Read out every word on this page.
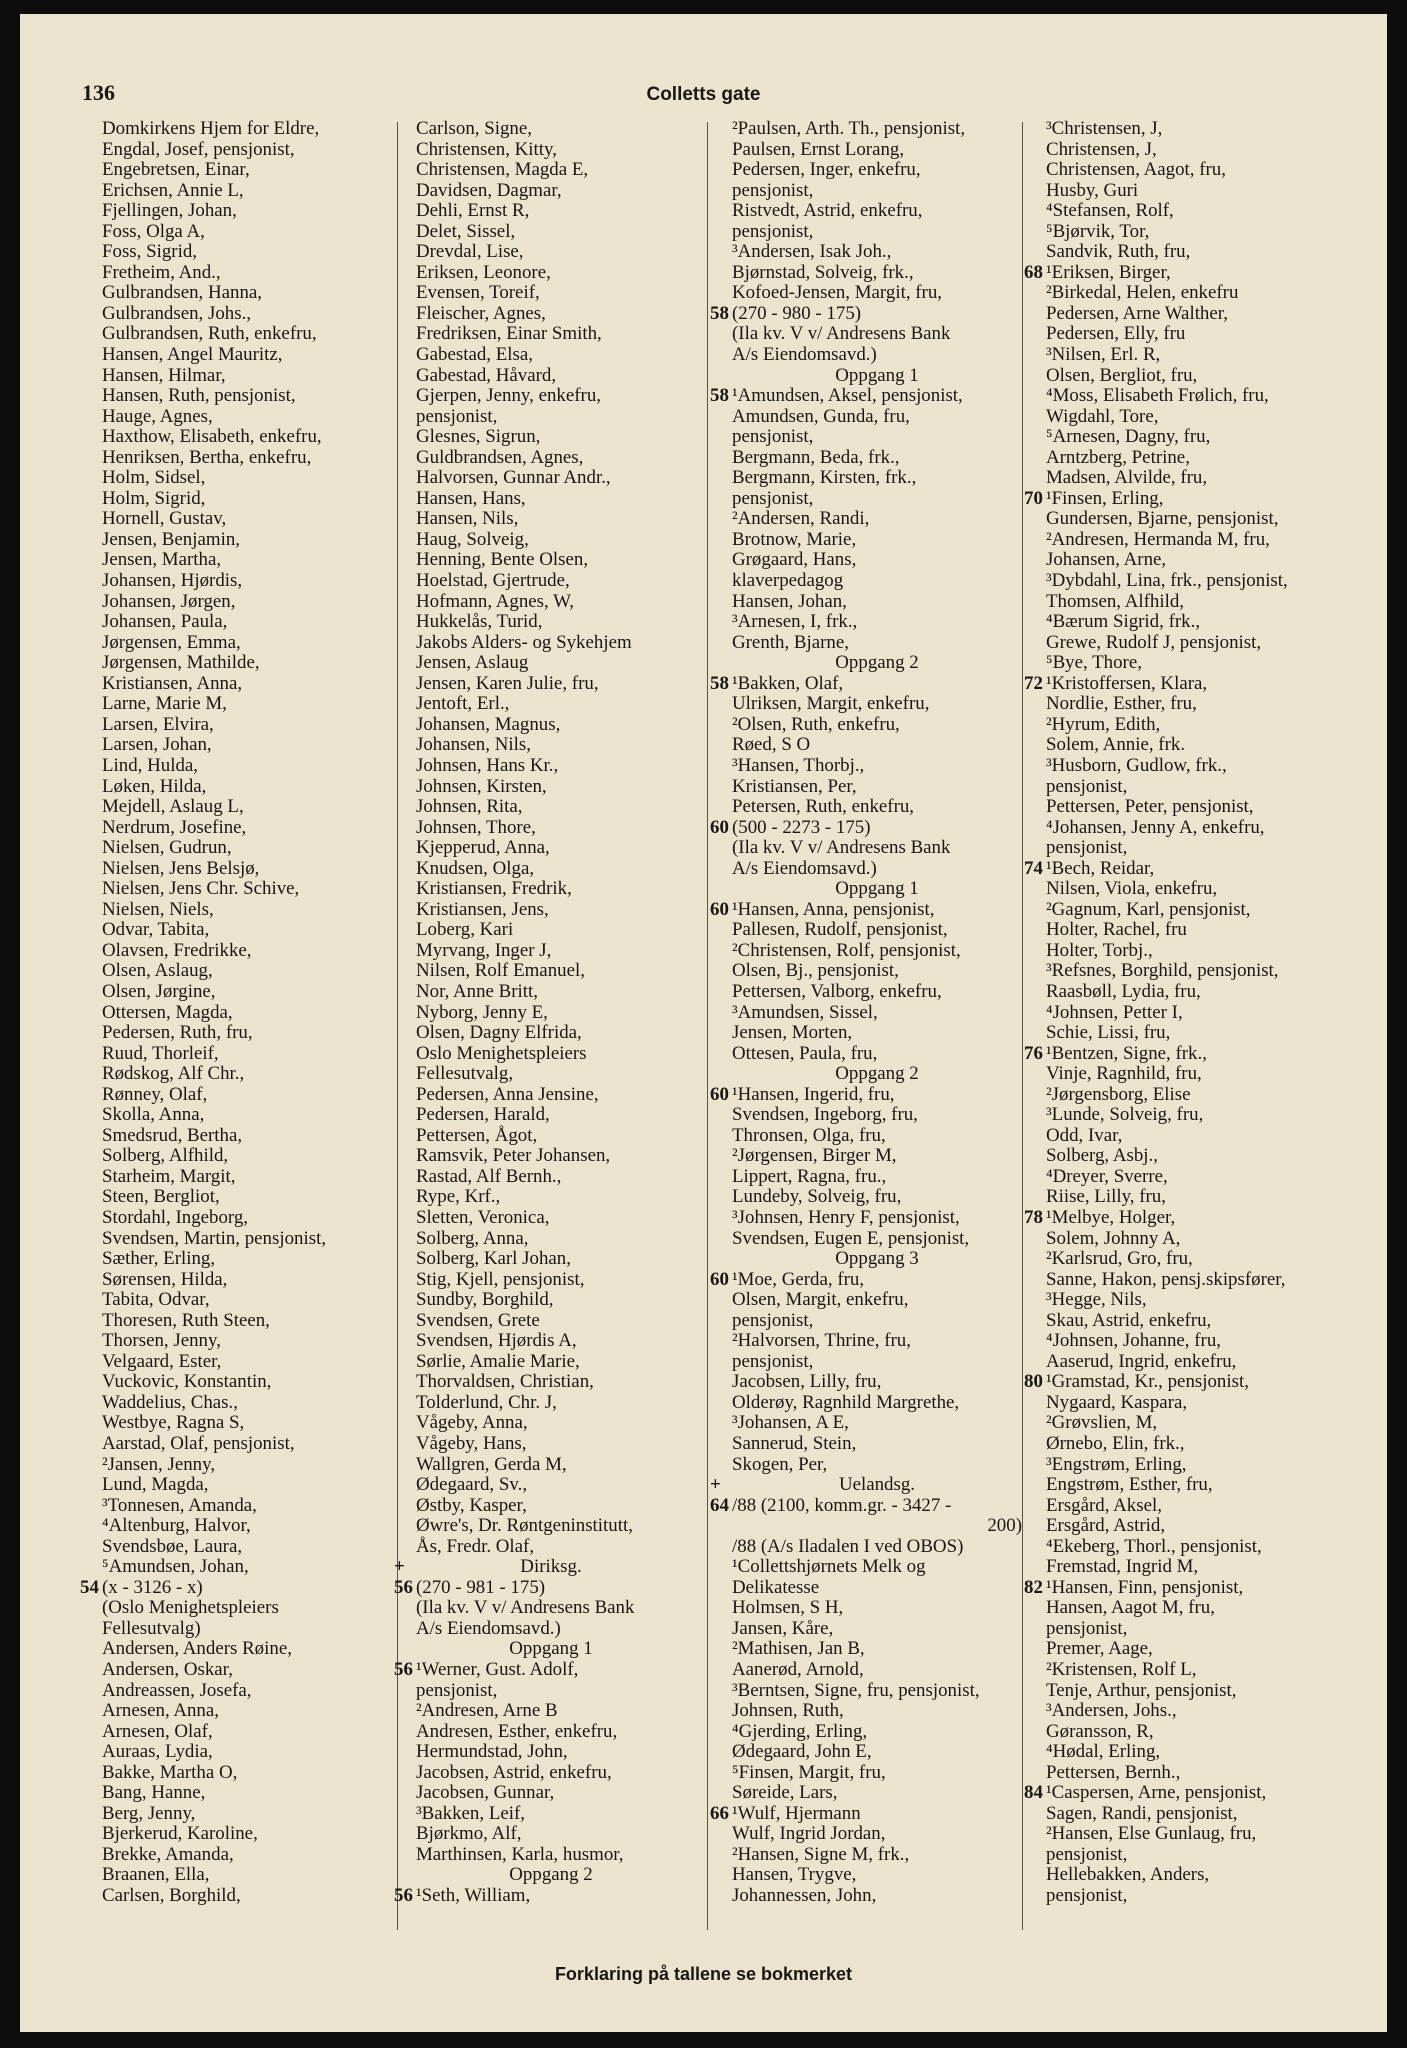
136	Colletts gate
Domkirkens Hjem for Eldre,
Engdal, Josef, pensjonist,
Engebretsen, Einar,
Erichsen, Annie L,
Fjellingen, Johan,
Foss, Olga A,
Foss, Sigrid,
Fretheim, And.,
Gulbrandsen, Hanna,
Gulbrandsen, Johs.,
Gulbrandsen, Ruth, enkefru,
Hansen, Angel Mauritz,
Hansen, Hilmar,
Hansen, Ruth, pensjonist,
Hauge, Agnes,
Haxthow, Elisabeth, enkefru,
Henriksen, Bertha, enkefru,
Holm, Sidsel,
Holm, Sigrid,
Hornell, Gustav,
Jensen, Benjamin,
Jensen, Martha,
Johansen, Hjørdis,
Johansen, Jørgen,
Johansen, Paula,
Jørgensen, Emma,
Jørgensen, Mathilde,
Kristiansen, Anna,
Larne, Marie M,
Larsen, Elvira,
Larsen, Johan,
Lind, Hulda,
Løken, Hilda,
Mejdell, Aslaug L,
Nerdrum, Josefine,
Nielsen, Gudrun,
Nielsen, Jens Belsjø,
Nielsen, Jens Chr. Schive,
Nielsen, Niels,
Odvar, Tabita,
Olavsen, Fredrikke,
Olsen, Aslaug,
Olsen, Jørgine,
Ottersen, Magda,
Pedersen, Ruth, fru,
Ruud, Thorleif,
Rødskog, Alf Chr.,
Rønney, Olaf,
Skolla, Anna,
Smedsrud, Bertha,
Solberg, Alfhild,
Starheim, Margit,
Steen, Bergliot,
Stordahl, Ingeborg,
Svendsen, Martin, pensjonist,
Sæther, Erling,
Sørensen, Hilda,
Tabita, Odvar,
Thoresen, Ruth Steen,
Thorsen, Jenny,
Velgaard, Ester,
Vuckovic, Konstantin,
Waddelius, Chas.,
Westbye, Ragna S,
Aarstad, Olaf, pensjonist,
²Jansen, Jenny,
Lund, Magda,
³Tonnesen, Amanda,
⁴Altenburg, Halvor,
Svendsbøe, Laura,
⁵Amundsen, Johan,
54 (x - 3126 - x)
(Oslo Menighetspleiers
Fellesutvalg)
Andersen, Anders Røine,
Andersen, Oskar,
Andreassen, Josefa,
Arnesen, Anna,
Arnesen, Olaf,
Auraas, Lydia,
Bakke, Martha O,
Bang, Hanne,
Berg, Jenny,
Bjerkerud, Karoline,
Brekke, Amanda,
Braanen, Ella,
Carlsen, Borghild,
Carlson, Signe,
Christensen, Kitty,
Christensen, Magda E,
Davidsen, Dagmar,
Dehli, Ernst R,
Delet, Sissel,
Drevdal, Lise,
Eriksen, Leonore,
Evensen, Toreif,
Fleischer, Agnes,
Fredriksen, Einar Smith,
Gabestad, Elsa,
Gabestad, Håvard,
Gjerpen, Jenny, enkefru,
pensjonist,
Glesnes, Sigrun,
Guldbrandsen, Agnes,
Halvorsen, Gunnar Andr.,
Hansen, Hans,
Hansen, Nils,
Haug, Solveig,
Henning, Bente Olsen,
Hoelstad, Gjertrude,
Hofmann, Agnes, W,
Hukkelås, Turid,
Jakobs Alders- og Sykehjem
Jensen, Aslaug
Jensen, Karen Julie, fru,
Jentoft, Erl.,
Johansen, Magnus,
Johansen, Nils,
Johnsen, Hans Kr.,
Johnsen, Kirsten,
Johnsen, Rita,
Johnsen, Thore,
Kjepperud, Anna,
Knudsen, Olga,
Kristiansen, Fredrik,
Kristiansen, Jens,
Loberg, Kari
Myrvang, Inger J,
Nilsen, Rolf Emanuel,
Nor, Anne Britt,
Nyborg, Jenny E,
Olsen, Dagny Elfrida,
Oslo Menighetspleiers
Fellesutvalg,
Pedersen, Anna Jensine,
Pedersen, Harald,
Pettersen, Ågot,
Ramsvik, Peter Johansen,
Rastad, Alf Bernh.,
Rype, Krf.,
Sletten, Veronica,
Solberg, Anna,
Solberg, Karl Johan,
Stig, Kjell, pensjonist,
Sundby, Borghild,
Svendsen, Grete
Svendsen, Hjørdis A,
Sørlie, Amalie Marie,
Thorvaldsen, Christian,
Tolderlund, Chr. J,
Vågeby, Anna,
Vågeby, Hans,
Wallgren, Gerda M,
Ødegaard, Sv.,
Østby, Kasper,
Øwre's, Dr. Røntgeninstitutt,
Ås, Fredr. Olaf,
+	Diriksg.
56 (270 - 981 - 175)
(Ila kv. V v/ Andresens Bank
A/s Eiendomsavd.)
Oppgang 1
56 ¹Werner, Gust. Adolf,
pensjonist,
²Andresen, Arne B
Andresen, Esther, enkefru,
Hermundstad, John,
Jacobsen, Astrid, enkefru,
Jacobsen, Gunnar,
³Bakken, Leif,
Bjørkmo, Alf,
Marthinsen, Karla, husmor,
Oppgang 2
56 ¹Seth, William,
²Paulsen, Arth. Th., pensjonist,
Paulsen, Ernst Lorang,
Pedersen, Inger, enkefru,
pensjonist,
Ristvedt, Astrid, enkefru,
pensjonist,
³Andersen, Isak Joh.,
Bjørnstad, Solveig, frk.,
Kofoed-Jensen, Margit, fru,
58 (270 - 980 - 175)
(Ila kv. V v/ Andresens Bank
A/s Eiendomsavd.)
Oppgang 1
58 ¹Amundsen, Aksel, pensjonist,
Amundsen, Gunda, fru,
pensjonist,
Bergmann, Beda, frk.,
Bergmann, Kirsten, frk.,
pensjonist,
²Andersen, Randi,
Brotnow, Marie,
Grøgaard, Hans,
klaverpedagog
Hansen, Johan,
³Arnesen, I, frk.,
Grenth, Bjarne,
Oppgang 2
58 ¹Bakken, Olaf,
Ulriksen, Margit, enkefru,
²Olsen, Ruth, enkefru,
Røed, S O
³Hansen, Thorbj.,
Kristiansen, Per,
Petersen, Ruth, enkefru,
60 (500 - 2273 - 175)
(Ila kv. V v/ Andresens Bank
A/s Eiendomsavd.)
Oppgang 1
60 ¹Hansen, Anna, pensjonist,
Pallesen, Rudolf, pensjonist,
²Christensen, Rolf, pensjonist,
Olsen, Bj., pensjonist,
Pettersen, Valborg, enkefru,
³Amundsen, Sissel,
Jensen, Morten,
Ottesen, Paula, fru,
Oppgang 2
60 ¹Hansen, Ingerid, fru,
Svendsen, Ingeborg, fru,
Thronsen, Olga, fru,
²Jørgensen, Birger M,
Lippert, Ragna, fru.,
Lundeby, Solveig, fru,
³Johnsen, Henry F, pensjonist,
Svendsen, Eugen E, pensjonist,
Oppgang 3
60 ¹Moe, Gerda, fru,
Olsen, Margit, enkefru,
pensjonist,
²Halvorsen, Thrine, fru,
pensjonist,
Jacobsen, Lilly, fru,
Olderøy, Ragnhild Margrethe,
³Johansen, A E,
Sannerud, Stein,
Skogen, Per,
+	Uelandsg.
64 /88 (2100, komm.gr. - 3427 -
200)
/88 (A/s Iladalen I ved OBOS)
¹Collettshjørnets Melk og
Delikatesse
Holmsen, S H,
Jansen, Kåre,
²Mathisen, Jan B,
Aanerød, Arnold,
³Berntsen, Signe, fru, pensjonist,
Johnsen, Ruth,
⁴Gjerding, Erling,
Ødegaard, John E,
⁵Finsen, Margit, fru,
Søreide, Lars,
66 ¹Wulf, Hjermann
Wulf, Ingrid Jordan,
²Hansen, Signe M, frk.,
Hansen, Trygve,
Johannessen, John,
³Christensen, J,
Christensen, J,
Christensen, Aagot, fru,
Husby, Guri
⁴Stefansen, Rolf,
⁵Bjørvik, Tor,
Sandvik, Ruth, fru,
68 ¹Eriksen, Birger,
²Birkedal, Helen, enkefru
Pedersen, Arne Walther,
Pedersen, Elly, fru
³Nilsen, Erl. R,
Olsen, Bergliot, fru,
⁴Moss, Elisabeth Frølich, fru,
Wigdahl, Tore,
⁵Arnesen, Dagny, fru,
Arntzberg, Petrine,
Madsen, Alvilde, fru,
70 ¹Finsen, Erling,
Gundersen, Bjarne, pensjonist,
²Andresen, Hermanda M, fru,
Johansen, Arne,
³Dybdahl, Lina, frk., pensjonist,
Thomsen, Alfhild,
⁴Bærum Sigrid, frk.,
Grewe, Rudolf J, pensjonist,
⁵Bye, Thore,
72 ¹Kristoffersen, Klara,
Nordlie, Esther, fru,
²Hyrum, Edith,
Solem, Annie, frk.
³Husborn, Gudlow, frk.,
pensjonist,
Pettersen, Peter, pensjonist,
⁴Johansen, Jenny A, enkefru,
pensjonist,
74 ¹Bech, Reidar,
Nilsen, Viola, enkefru,
²Gagnum, Karl, pensjonist,
Holter, Rachel, fru
Holter, Torbj.,
³Refsnes, Borghild, pensjonist,
Raasbøll, Lydia, fru,
⁴Johnsen, Petter I,
Schie, Lissi, fru,
76 ¹Bentzen, Signe, frk.,
Vinje, Ragnhild, fru,
²Jørgensborg, Elise
³Lunde, Solveig, fru,
Odd, Ivar,
Solberg, Asbj.,
⁴Dreyer, Sverre,
Riise, Lilly, fru,
78 ¹Melbye, Holger,
Solem, Johnny A,
²Karlsrud, Gro, fru,
Sanne, Hakon, pensj.skipsfører,
³Hegge, Nils,
Skau, Astrid, enkefru,
⁴Johnsen, Johanne, fru,
Aaserud, Ingrid, enkefru,
80 ¹Gramstad, Kr., pensjonist,
Nygaard, Kaspara,
²Grøvslien, M,
Ørnebo, Elin, frk.,
³Engstrøm, Erling,
Engstrøm, Esther, fru,
Ersgård, Aksel,
Ersgård, Astrid,
⁴Ekeberg, Thorl., pensjonist,
Fremstad, Ingrid M,
82 ¹Hansen, Finn, pensjonist,
Hansen, Aagot M, fru,
pensjonist,
Premer, Aage,
²Kristensen, Rolf L,
Tenje, Arthur, pensjonist,
³Andersen, Johs.,
Gøransson, R,
⁴Hødal, Erling,
Pettersen, Bernh.,
84 ¹Caspersen, Arne, pensjonist,
Sagen, Randi, pensjonist,
²Hansen, Else Gunlaug, fru,
pensjonist,
Hellebakken, Anders,
pensjonist,
Forklaring på tallene se bokmerket
